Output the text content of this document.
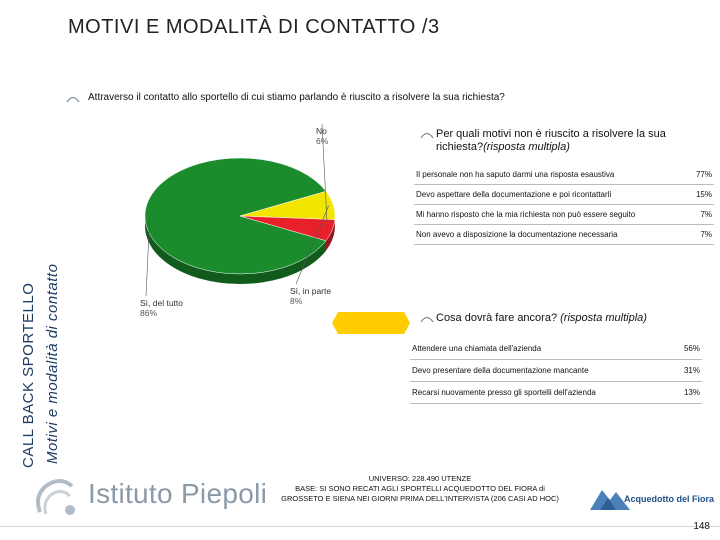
MOTIVI E MODALITÀ DI CONTATTO /3
CALL BACK SPORTELLO Motivi e modalità di contatto
Attraverso il contatto allo sportello di cui stiamo parlando è riuscito a risolvere la sua richiesta?
Sì, del tutto
86%
Sì, in parte
8%
No
6%
Per quali motivi non è riuscito a risolvere la sua richiesta?(risposta multipla)
Il personale non ha saputo darmi una risposta esaustiva	77%
Devo aspettare della documentazione e poi ricontattarli	15%
Mi hanno risposto che la mia richiesta non può essere seguito	7%
Non avevo a disposizione la documentazione necessaria	7%
Cosa dovrà fare ancora? (risposta multipla)
Attendere una chiamata dell'azienda	56%
Devo presentare della documentazione mancante	31%
Recarsi nuovamente presso gli sportelli dell'azienda	13%
UNIVERSO: 228.490 UTENZE
BASE: SI SONO RECATI AGLI SPORTELLI ACQUEDOTTO DEL FIORA di GROSSETO E SIENA NEI GIORNI PRIMA DELL'INTERVISTA (206 CASI AD HOC)
Istituto Piepoli	Acquedotto del Fiora
148
